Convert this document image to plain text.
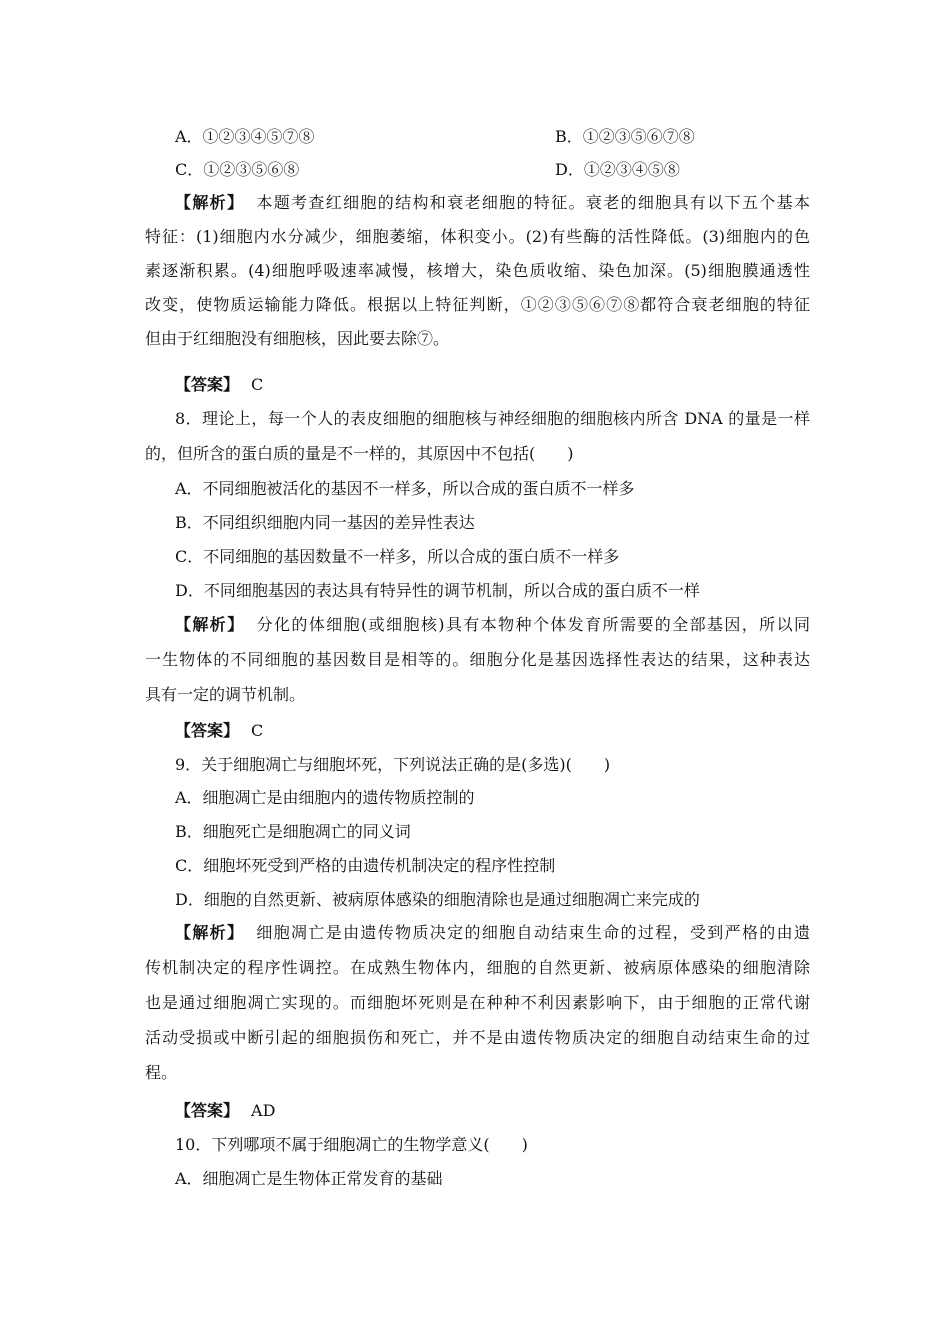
A．①②③④⑤⑦⑧	B．①②③⑤⑥⑦⑧
C．①②③⑤⑥⑧	D．①②③④⑤⑧
【解析】 本题考查红细胞的结构和衰老细胞的特征。衰老的细胞具有以下五个基本
特征：(1)细胞内水分减少，细胞萎缩，体积变小。(2)有些酶的活性降低。(3)细胞内的色
素逐渐积累。(4)细胞呼吸速率减慢，核增大，染色质收缩、染色加深。(5)细胞膜通透性
改变，使物质运输能力降低。根据以上特征判断，①②③⑤⑥⑦⑧都符合衰老细胞的特征
但由于红细胞没有细胞核，因此要去除⑦。
【答案】 C
8．理论上，每一个人的表皮细胞的细胞核与神经细胞的细胞核内所含 DNA 的量是一样
的，但所含的蛋白质的量是不一样的，其原因中不包括(　　)
A．不同细胞被活化的基因不一样多，所以合成的蛋白质不一样多
B．不同组织细胞内同一基因的差异性表达
C．不同细胞的基因数量不一样多，所以合成的蛋白质不一样多
D．不同细胞基因的表达具有特异性的调节机制，所以合成的蛋白质不一样
【解析】 分化的体细胞(或细胞核)具有本物种个体发育所需要的全部基因，所以同
一生物体的不同细胞的基因数目是相等的。细胞分化是基因选择性表达的结果，这种表达
具有一定的调节机制。
【答案】 C
9．关于细胞凋亡与细胞坏死，下列说法正确的是(多选)(　　)
A．细胞凋亡是由细胞内的遗传物质控制的
B．细胞死亡是细胞凋亡的同义词
C．细胞坏死受到严格的由遗传机制决定的程序性控制
D．细胞的自然更新、被病原体感染的细胞清除也是通过细胞凋亡来完成的
【解析】 细胞凋亡是由遗传物质决定的细胞自动结束生命的过程，受到严格的由遗
传机制决定的程序性调控。在成熟生物体内，细胞的自然更新、被病原体感染的细胞清除
也是通过细胞凋亡实现的。而细胞坏死则是在种种不利因素影响下，由于细胞的正常代谢
活动受损或中断引起的细胞损伤和死亡，并不是由遗传物质决定的细胞自动结束生命的过
程。
【答案】 AD
10．下列哪项不属于细胞凋亡的生物学意义(　　)
A．细胞凋亡是生物体正常发育的基础
